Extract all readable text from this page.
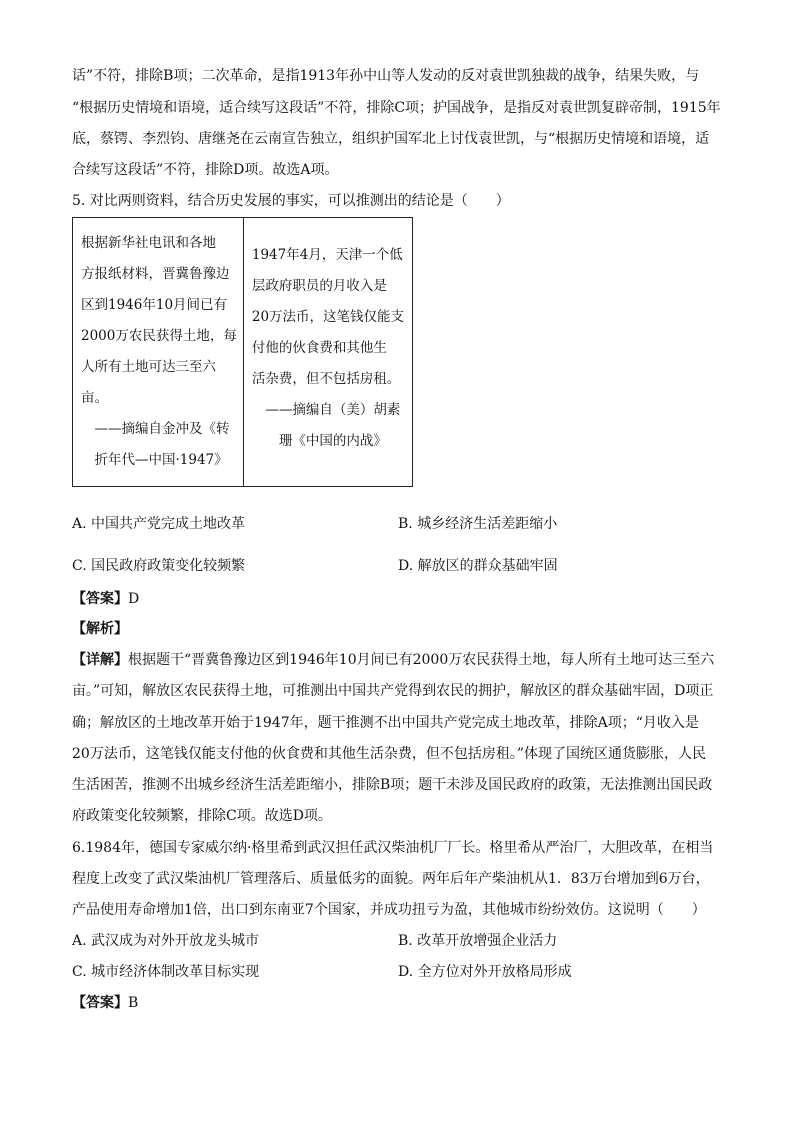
话”不符，排除B项；二次革命，是指1913年孙中山等人发动的反对袁世凯独裁的战争，结果失败，与
“根据历史情境和语境，适合续写这段话”不符，排除C项；护国战争，是指反对袁世凯复辟帝制，1915年
底，蔡锷、李烈钧、唐继尧在云南宣告独立，组织护国军北上讨伐袁世凯，与“根据历史情境和语境，适
合续写这段话”不符，排除D项。故选A项。
5. 对比两则资料，结合历史发展的事实，可以推测出的结论是（　　）
根据新华社电讯和各地
方报纸材料，晋冀鲁豫边
区到1946年10月间已有
2000万农民获得土地，每
人所有土地可达三至六
亩。
　——摘编自金冲及《转
　折年代—中国·1947》

1947年4月，天津一个低
层政府职员的月收入是
20万法币，这笔钱仅能支
付他的伙食费和其他生
活杂费，但不包括房租。
　——摘编自（美）胡素
　　珊《中国的内战》
A. 中国共产党完成土地改革	B. 城乡经济生活差距缩小
C. 国民政府政策变化较频繁	D. 解放区的群众基础牢固
【答案】D
【解析】
【详解】根据题干“晋冀鲁豫边区到1946年10月间已有2000万农民获得土地，每人所有土地可达三至六
亩。”可知，解放区农民获得土地，可推测出中国共产党得到农民的拥护，解放区的群众基础牢固，D项正
确；解放区的土地改革开始于1947年，题干推测不出中国共产党完成土地改革，排除A项；“月收入是
20万法币，这笔钱仅能支付他的伙食费和其他生活杂费，但不包括房租。”体现了国统区通货膨胀，人民
生活困苦，推测不出城乡经济生活差距缩小，排除B项；题干未涉及国民政府的政策，无法推测出国民政
府政策变化较频繁，排除C项。故选D项。
6.1984年，德国专家威尔纳·格里希到武汉担任武汉柴油机厂厂长。格里希从严治厂，大胆改革，在相当
程度上改变了武汉柴油机厂管理落后、质量低劣的面貌。两年后年产柴油机从1．83万台增加到6万台，
产品使用寿命增加1倍，出口到东南亚7个国家，并成功扭亏为盈，其他城市纷纷效仿。这说明（　　）
A. 武汉成为对外开放龙头城市	B. 改革开放增强企业活力
C. 城市经济体制改革目标实现	D. 全方位对外开放格局形成
【答案】B
